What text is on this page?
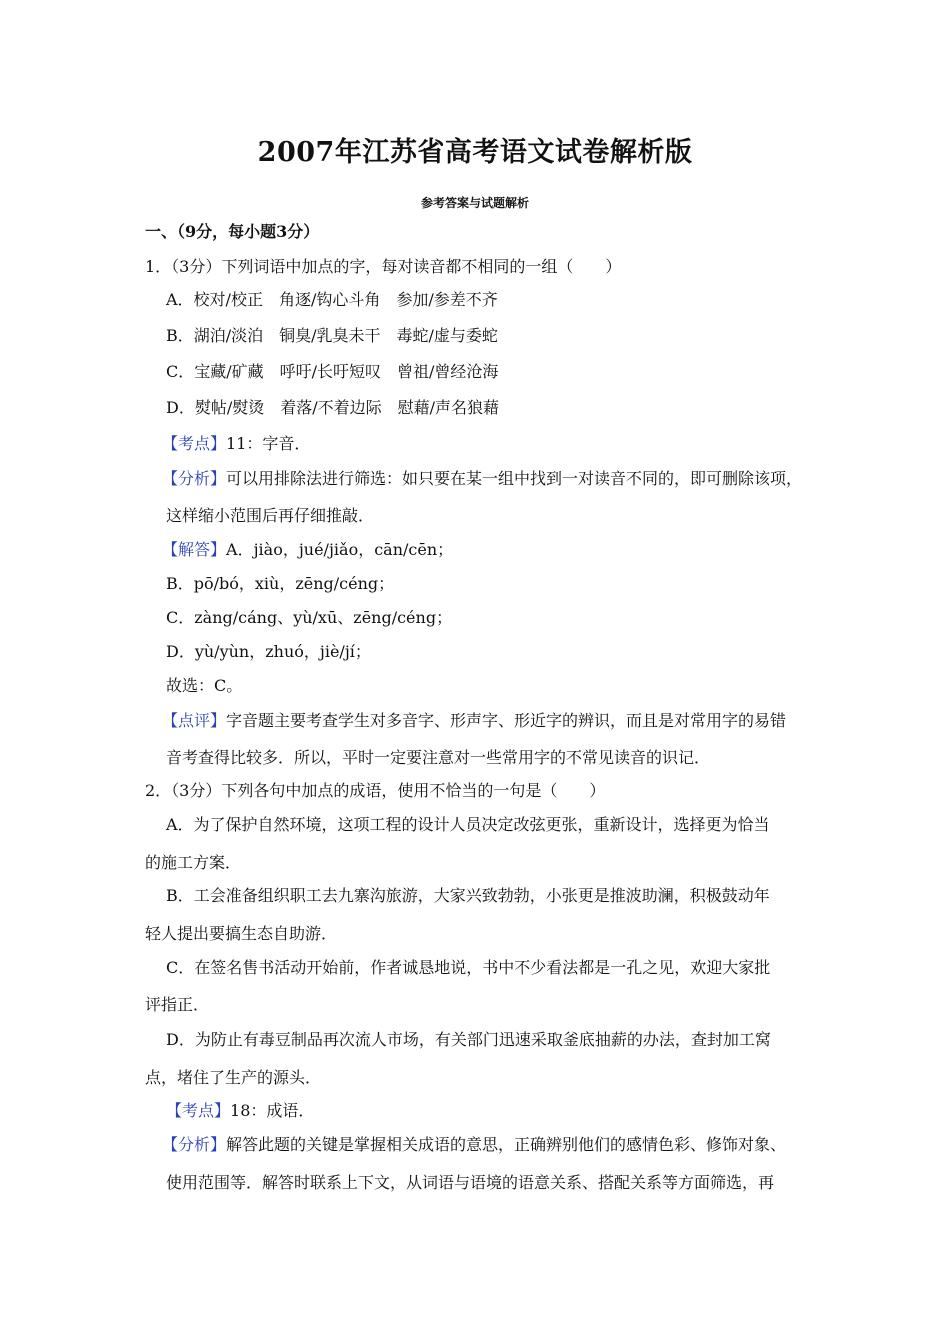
2007年江苏省高考语文试卷解析版
参考答案与试题解析
一、（9分，每小题3分）
1．（3分）下列词语中加点的字，每对读音都不相同的一组（　　）
A．校对/校正　角逐/钩心斗角　参加/参差不齐
B．湖泊/淡泊　铜臭/乳臭未干　毒蛇/虚与委蛇
C．宝藏/矿藏　呼吁/长吁短叹　曾祖/曾经沧海
D．熨帖/熨烫　着落/不着边际　慰藉/声名狼藉
【考点】11：字音．
【分析】可以用排除法进行筛选：如只要在某一组中找到一对读音不同的，即可删除该项，
这样缩小范围后再仔细推敲．
【解答】A．jiào，jué/jiǎo，cān/cēn；
B．pō/bó，xiù，zēng/céng；
C．zàng/cáng、yù/xū、zēng/céng；
D．yù/yùn，zhuó，jiè/jí；
故选：C。
【点评】字音题主要考查学生对多音字、形声字、形近字的辨识，而且是对常用字的易错
音考查得比较多．所以，平时一定要注意对一些常用字的不常见读音的识记．
2．（3分）下列各句中加点的成语，使用不恰当的一句是（　　）
A．为了保护自然环境，这项工程的设计人员决定改弦更张，重新设计，选择更为恰当
的施工方案．
B．工会准备组织职工去九寨沟旅游，大家兴致勃勃，小张更是推波助澜，积极鼓动年
轻人提出要搞生态自助游．
C．在签名售书活动开始前，作者诚恳地说，书中不少看法都是一孔之见，欢迎大家批
评指正．
D．为防止有毒豆制品再次流人市场，有关部门迅速采取釜底抽薪的办法，查封加工窝
点，堵住了生产的源头．
【考点】18：成语．
【分析】解答此题的关键是掌握相关成语的意思，正确辨别他们的感情色彩、修饰对象、
使用范围等．解答时联系上下文，从词语与语境的语意关系、搭配关系等方面筛选，再
